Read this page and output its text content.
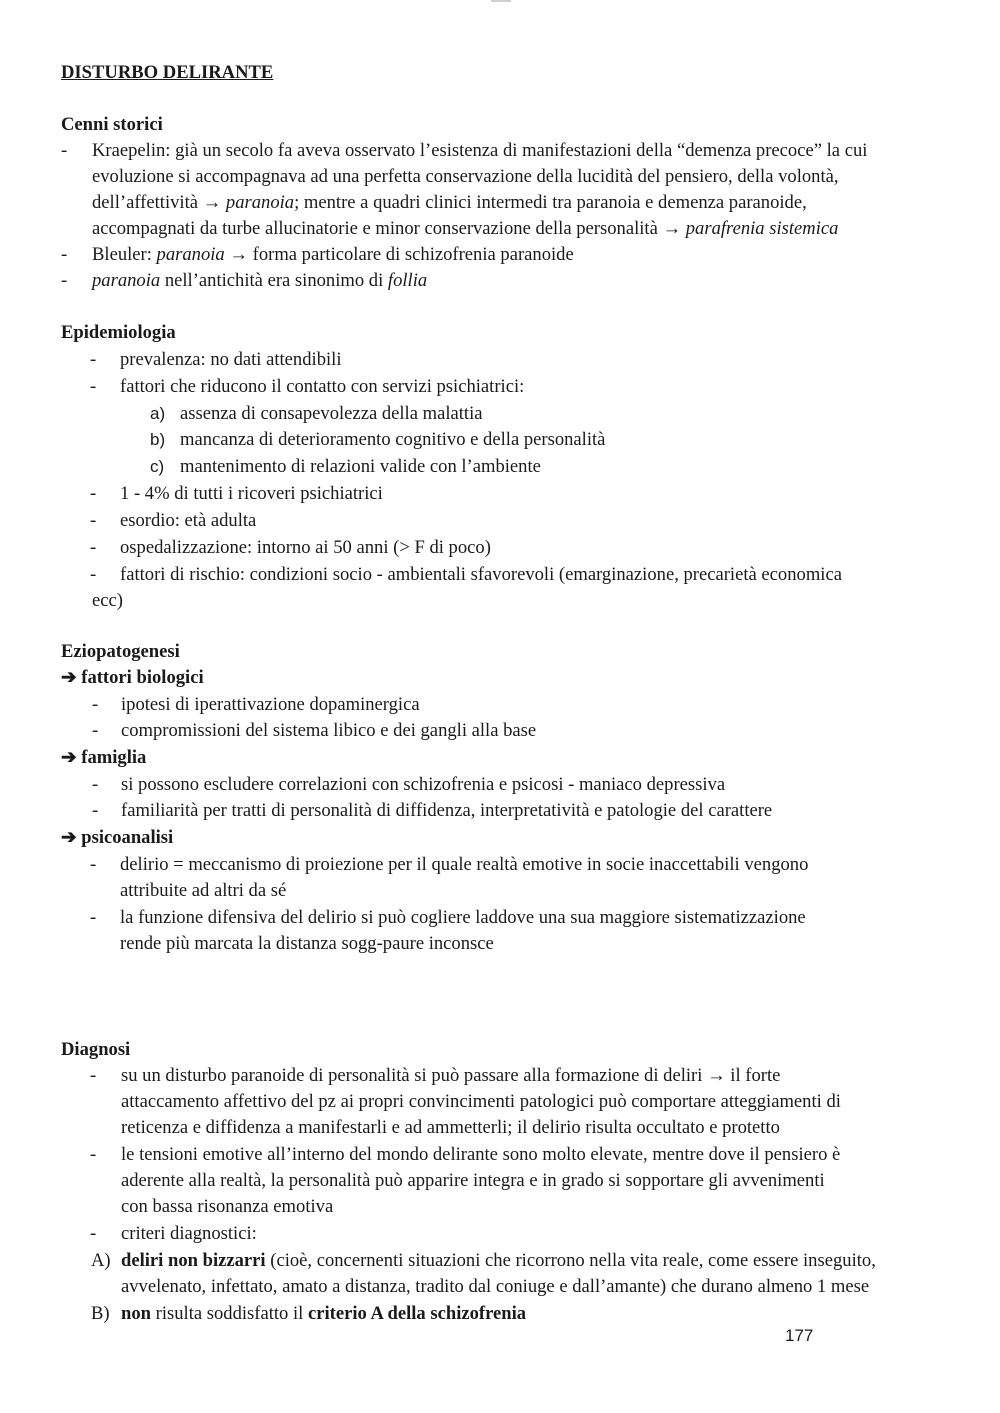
DISTURBO DELIRANTE
Cenni storici
- Kraepelin: già un secolo fa aveva osservato l’esistenza di manifestazioni della “demenza precoce” la cui
evoluzione si accompagnava ad una perfetta conservazione della lucidità del pensiero, della volontà,
dell’affettività → paranoia; mentre a quadri clinici intermedi tra paranoia e demenza paranoide,
accompagnati da turbe allucinatorie e minor conservazione della personalità → parafrenia sistemica
- Bleuler: paranoia → forma particolare di schizofrenia paranoide
- paranoia nell’antichità era sinonimo di follia
Epidemiologia
- prevalenza: no dati attendibili
- fattori che riducono il contatto con servizi psichiatrici:
a) assenza di consapevolezza della malattia
b) mancanza di deterioramento cognitivo e della personalità
c) mantenimento di relazioni valide con l’ambiente
- 1 - 4% di tutti i ricoveri psichiatrici
- esordio: età adulta
- ospedalizzazione: intorno ai 50 anni (> F di poco)
- fattori di rischio: condizioni socio - ambientali sfavorevoli (emarginazione, precarietà economica
ecc)
Eziopatogenesi
➔ fattori biologici
- ipotesi di iperattivazione dopaminergica
- compromissioni del sistema libico e dei gangli alla base
➔ famiglia
- si possono escludere correlazioni con schizofrenia e psicosi - maniaco depressiva
- familiarità per tratti di personalità di diffidenza, interpretatività e patologie del carattere
➔ psicoanalisi
- delirio = meccanismo di proiezione per il quale realtà emotive in socie inaccettabili vengono
attribuite ad altri da sé
- la funzione difensiva del delirio si può cogliere laddove una sua maggiore sistematizzazione
rende più marcata la distanza sogg-paure inconsce
Diagnosi
- su un disturbo paranoide di personalità si può passare alla formazione di deliri → il forte
attaccamento affettivo del pz ai propri convincimenti patologici può comportare atteggiamenti di
reticenza e diffidenza a manifestarli e ad ammetterli; il delirio risulta occultato e protetto
- le tensioni emotive all’interno del mondo delirante sono molto elevate, mentre dove il pensiero è
aderente alla realtà, la personalità può apparire integra e in grado si sopportare gli avvenimenti
con bassa risonanza emotiva
- criteri diagnostici:
A) deliri non bizzarri (cioè, concernenti situazioni che ricorrono nella vita reale, come essere inseguito,
avvelenato, infettato, amato a distanza, tradito dal coniuge e dall’amante) che durano almeno 1 mese
B) non risulta soddisfatto il criterio A della schizofrenia
177
